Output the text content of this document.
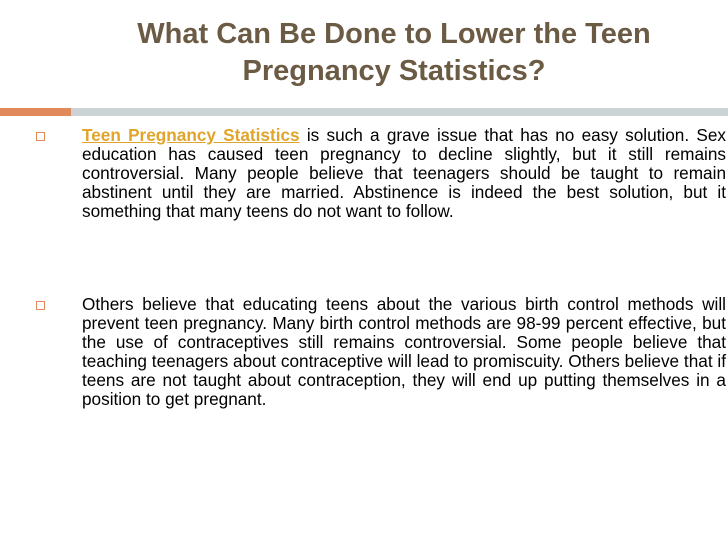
What Can Be Done to Lower the Teen Pregnancy Statistics?
Teen Pregnancy Statistics is such a grave issue that has no easy solution. Sex education has caused teen pregnancy to decline slightly, but it still remains controversial. Many people believe that teenagers should be taught to remain abstinent until they are married. Abstinence is indeed the best solution, but it something that many teens do not want to follow.
Others believe that educating teens about the various birth control methods will prevent teen pregnancy. Many birth control methods are 98-99 percent effective, but the use of contraceptives still remains controversial. Some people believe that teaching teenagers about contraceptive will lead to promiscuity. Others believe that if teens are not taught about contraception, they will end up putting themselves in a position to get pregnant.
